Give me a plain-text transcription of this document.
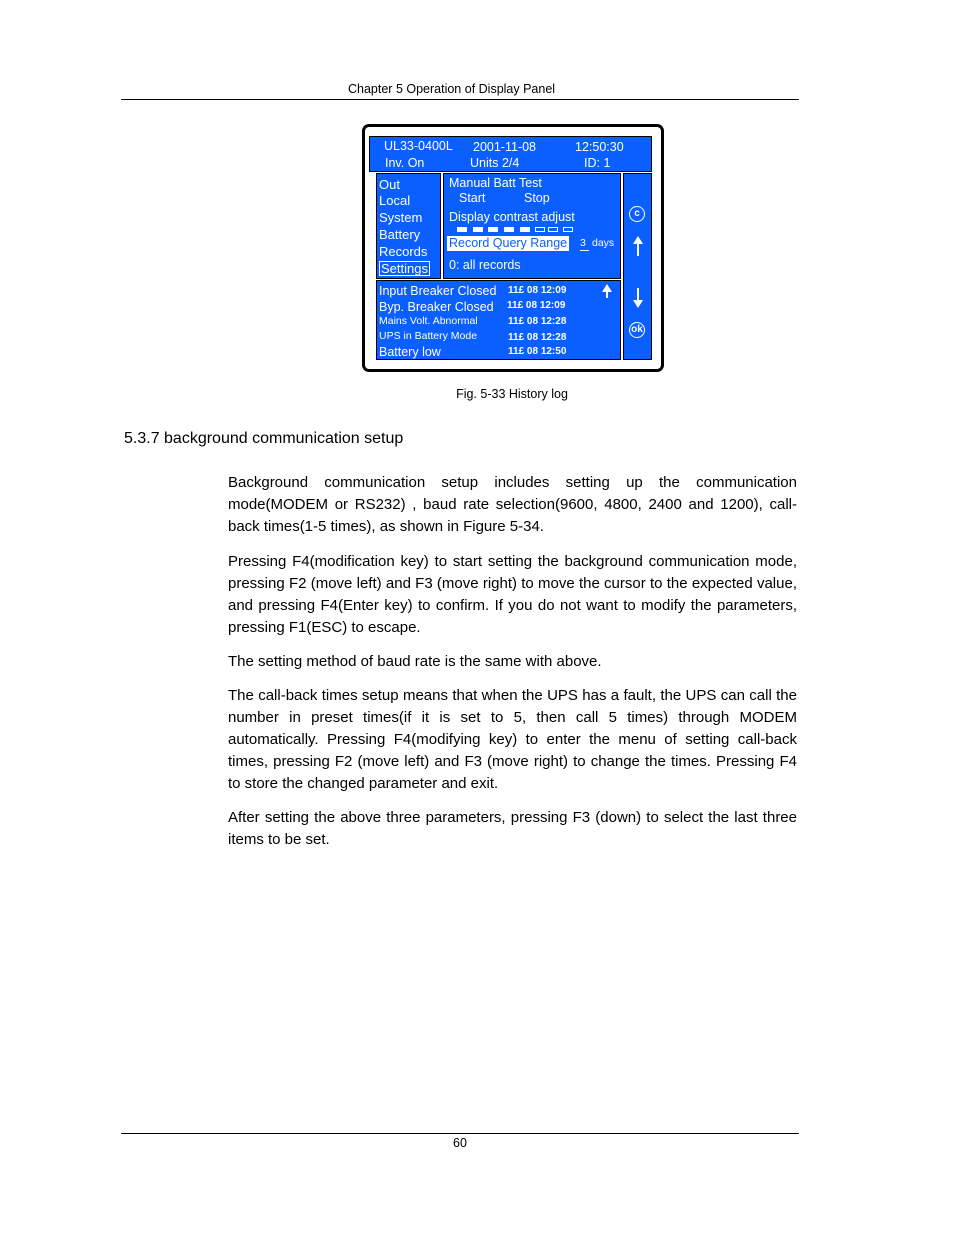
Chapter 5 Operation of Display Panel
UL33-0400L 2001-11-08	12:50:30
Inv. On	Units 2/4	ID: 1
Out
Local
System
Battery
Records
Settings
Manual Batt Test
Start	Stop
Display contrast adjust
Record Query Range 3 days
0: all records
c
ok
Input Breaker Closed 11£ 08 12:09
Byp. Breaker Closed 11£ 08 12:09
Mains Volt. Abnormal	11£ 08 12:28
UPS in Battery Mode	11£ 08 12:28
Battery low	11£ 08 12:50
Fig. 5-33 History log
5.3.7 background communication setup

Background communication setup includes setting up the communication mode(MODEM or RS232) , baud rate selection(9600, 4800, 2400 and 1200), call-back times(1-5 times), as shown in Figure 5-34.

Pressing F4(modification key) to start setting the background communication mode, pressing F2 (move left) and F3 (move right) to move the cursor to the expected value, and pressing F4(Enter key) to confirm. If you do not want to modify the parameters, pressing F1(ESC) to escape.

The setting method of baud rate is the same with above.

The call-back times setup means that when the UPS has a fault, the UPS can call the number in preset times(if it is set to 5, then call 5 times) through MODEM automatically. Pressing F4(modifying key) to enter the menu of setting call-back times, pressing F2 (move left) and F3 (move right) to change the times. Pressing F4 to store the changed parameter and exit.

After setting the above three parameters, pressing F3 (down) to select the last three items to be set.

60
